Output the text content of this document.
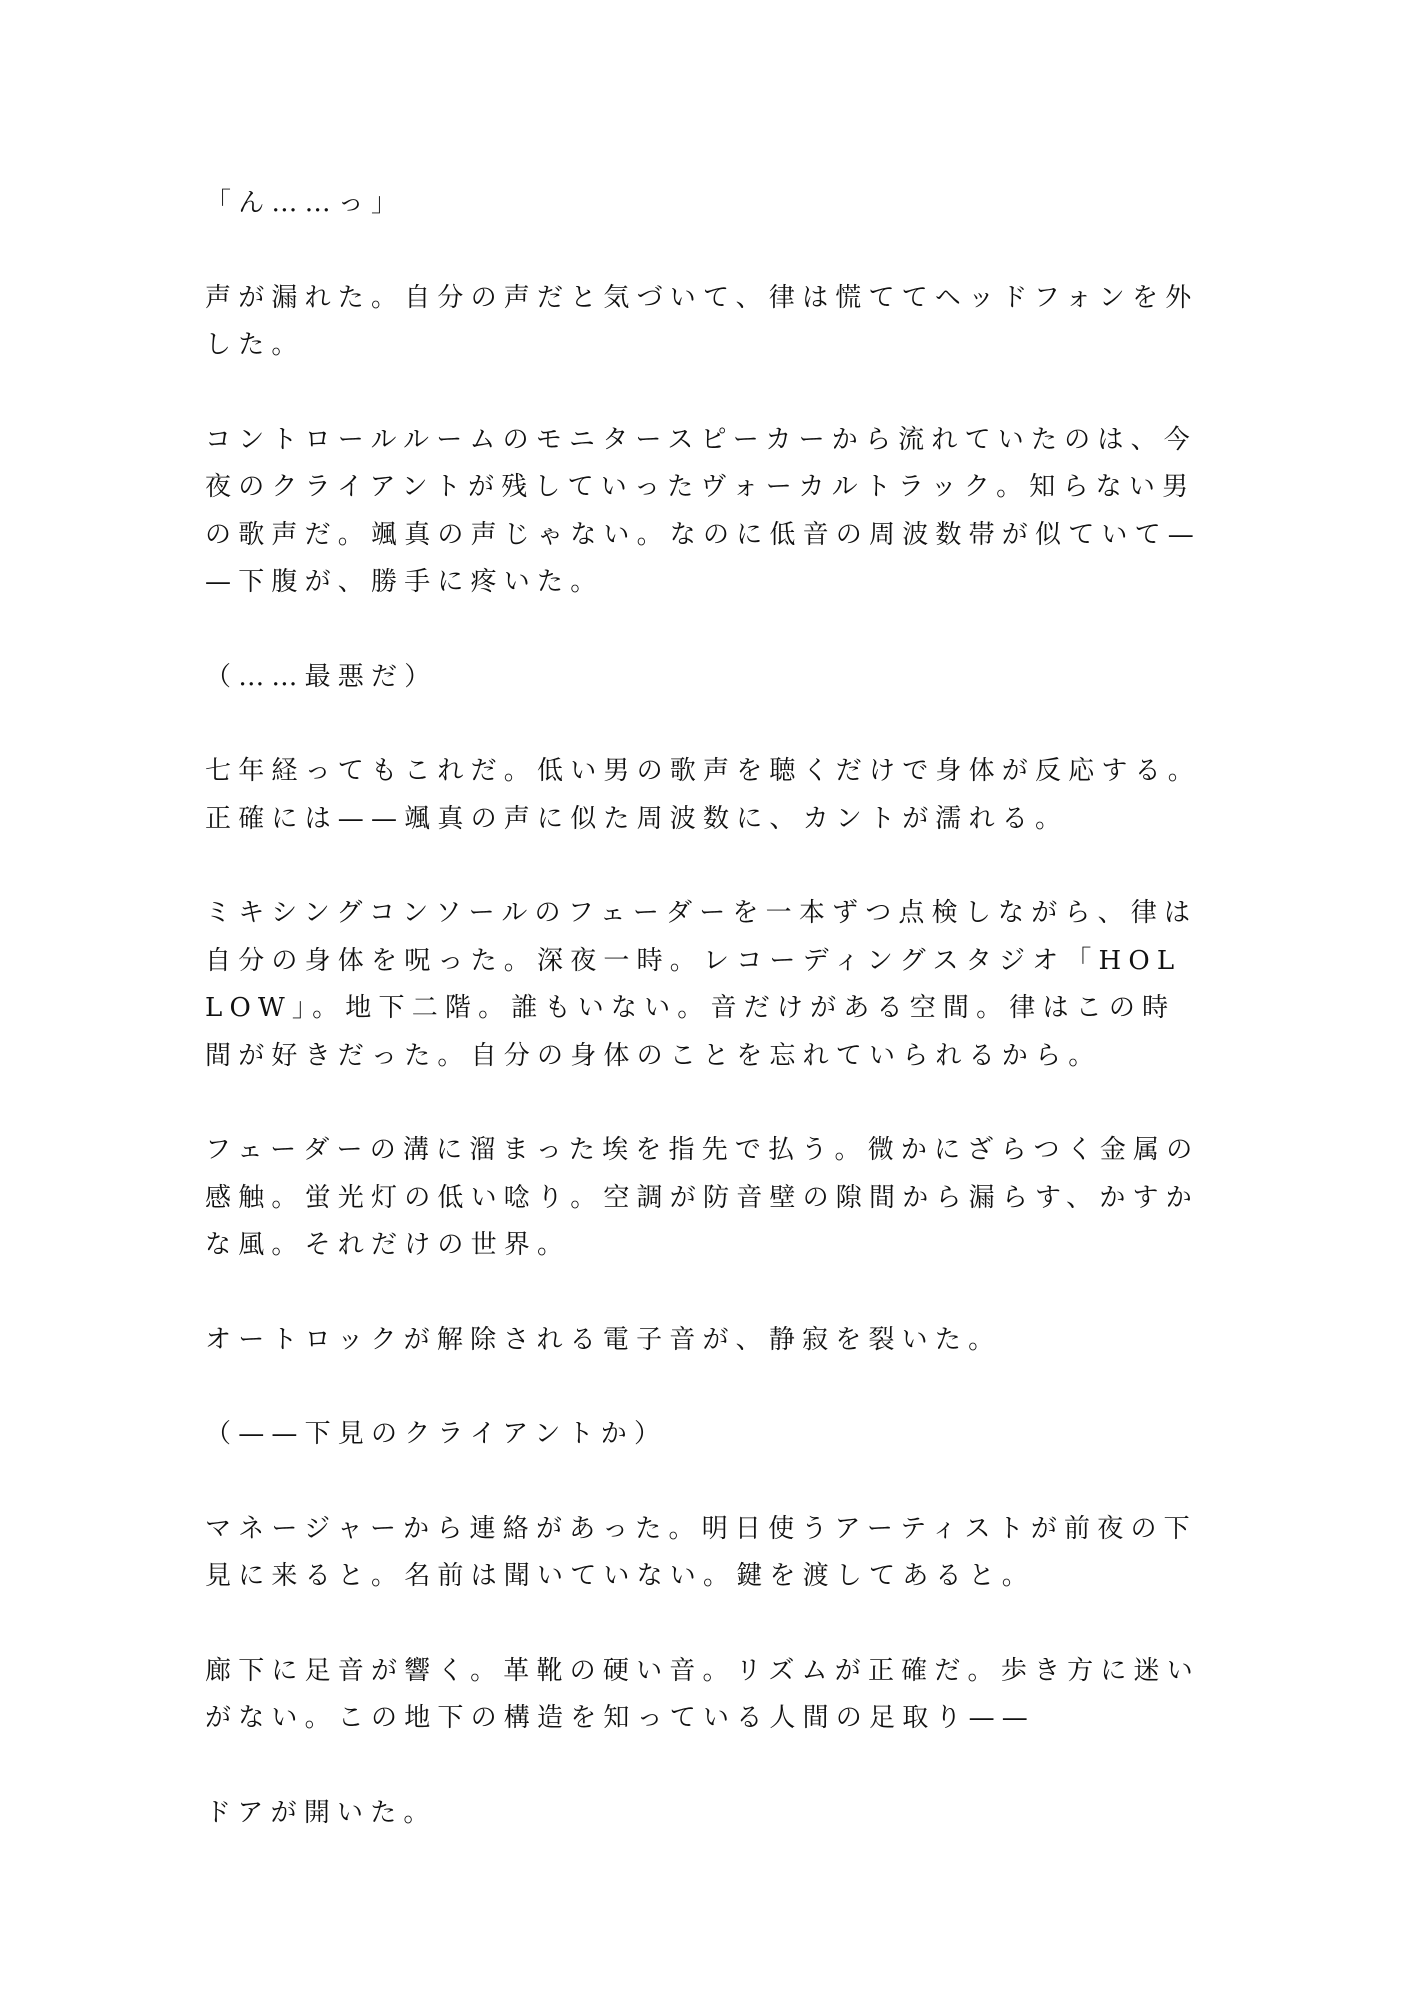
「ん……っ」
声が漏れた。自分の声だと気づいて、律は慌ててヘッドフォンを外
した。
コントロールルームのモニタースピーカーから流れていたのは、今
夜のクライアントが残していったヴォーカルトラック。知らない男
の歌声だ。颯真の声じゃない。なのに低音の周波数帯が似ていて—
—下腹が、勝手に疼いた。
（……最悪だ）
七年経ってもこれだ。低い男の歌声を聴くだけで身体が反応する。
正確には——颯真の声に似た周波数に、カントが濡れる。
ミキシングコンソールのフェーダーを一本ずつ点検しながら、律は
自分の身体を呪った。深夜一時。レコーディングスタジオ「HOL
LOW」。地下二階。誰もいない。音だけがある空間。律はこの時
間が好きだった。自分の身体のことを忘れていられるから。
フェーダーの溝に溜まった埃を指先で払う。微かにざらつく金属の
感触。蛍光灯の低い唸り。空調が防音壁の隙間から漏らす、かすか
な風。それだけの世界。
オートロックが解除される電子音が、静寂を裂いた。
（——下見のクライアントか）
マネージャーから連絡があった。明日使うアーティストが前夜の下
見に来ると。名前は聞いていない。鍵を渡してあると。
廊下に足音が響く。革靴の硬い音。リズムが正確だ。歩き方に迷い
がない。この地下の構造を知っている人間の足取り——
ドアが開いた。
